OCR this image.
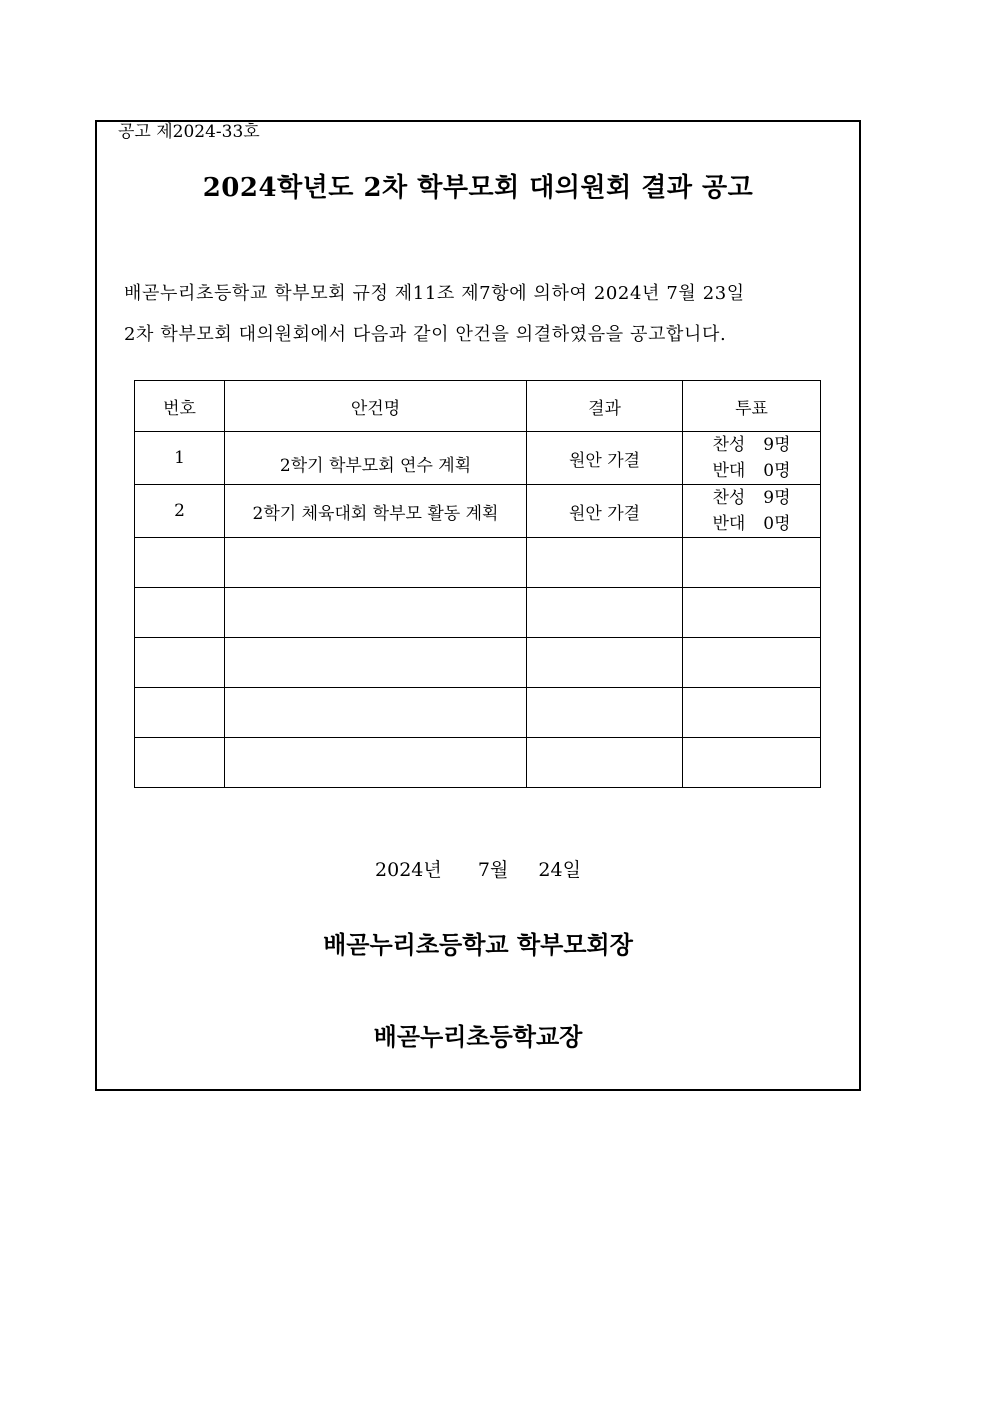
공고 제2024-33호
2024학년도 2차 학부모회 대의원회 결과 공고
배곧누리초등학교 학부모회 규정 제11조 제7항에 의하여 2024년 7월 23일
2차 학부모회 대의원회에서 다음과 같이 안건을 의결하였음을 공고합니다.
번호	안건명	결과	투표
1	2학기 학부모회 연수 계획	원안 가결	찬성 9명
반대 0명

2	2학기 체육대회 학부모 활동 계획	원안 가결	찬성 9명
반대 0명

2024년 7월 24일
배곧누리초등학교 학부모회장
배곧누리초등학교장
